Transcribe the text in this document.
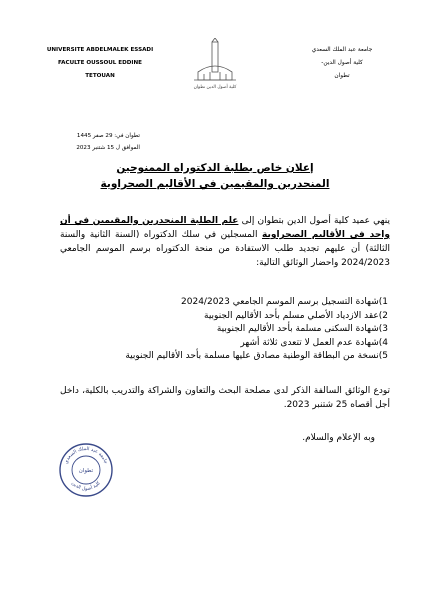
UNIVERSITE ABDELMALEK ESSADI
FACULTE OUSSOUL EDDINE
TETOUAN
كلية أصول الدين تطوان
جامعة عبد الملك السعدي
كلية أصول الدين-
تطوان
تطوان في: 29 صفر 1445
الموافق ل 15 شتنبر 2023
إعلان خاص بطلبة الدكتوراه الممنوحين
المنحدرين والمقيمين في الأقاليم الصحراوية
ينهي عميد كلية أصول الدين بتطوان إلى علم الطلبة المنحدرين والمقيمين في أن واحد في الأقاليم الصحراوية المسجلين في سلك الدكتوراه (السنة الثانية والسنة الثالثة) أن عليهم تجديد طلب الاستفادة من منحة الدكتوراه برسم الموسم الجامعي 2024/2023 واحضار الوثائق التالية:
1)شهادة التسجيل برسم الموسم الجامعي 2024/2023
2)عقد الازدياد الأصلي مسلم بأحد الأقاليم الجنوبية
3)شهادة السكنى مسلمة بأحد الأقاليم الجنوبية
4)شهادة عدم العمل لا تتعدى ثلاثة أشهر
5)نسخة من البطاقة الوطنية مصادق عليها مسلمة بأحد الأقاليم الجنوبية
تودع الوثائق السالفة الذكر لدى مصلحة البحث والتعاون والشراكة والتدريب بالكلية، داخل أجل أقصاه 25 شتنبر 2023.
وبه الإعلام والسلام.
جامعة عبد الملك السعدي
تطوان
كلية أصول الدين
